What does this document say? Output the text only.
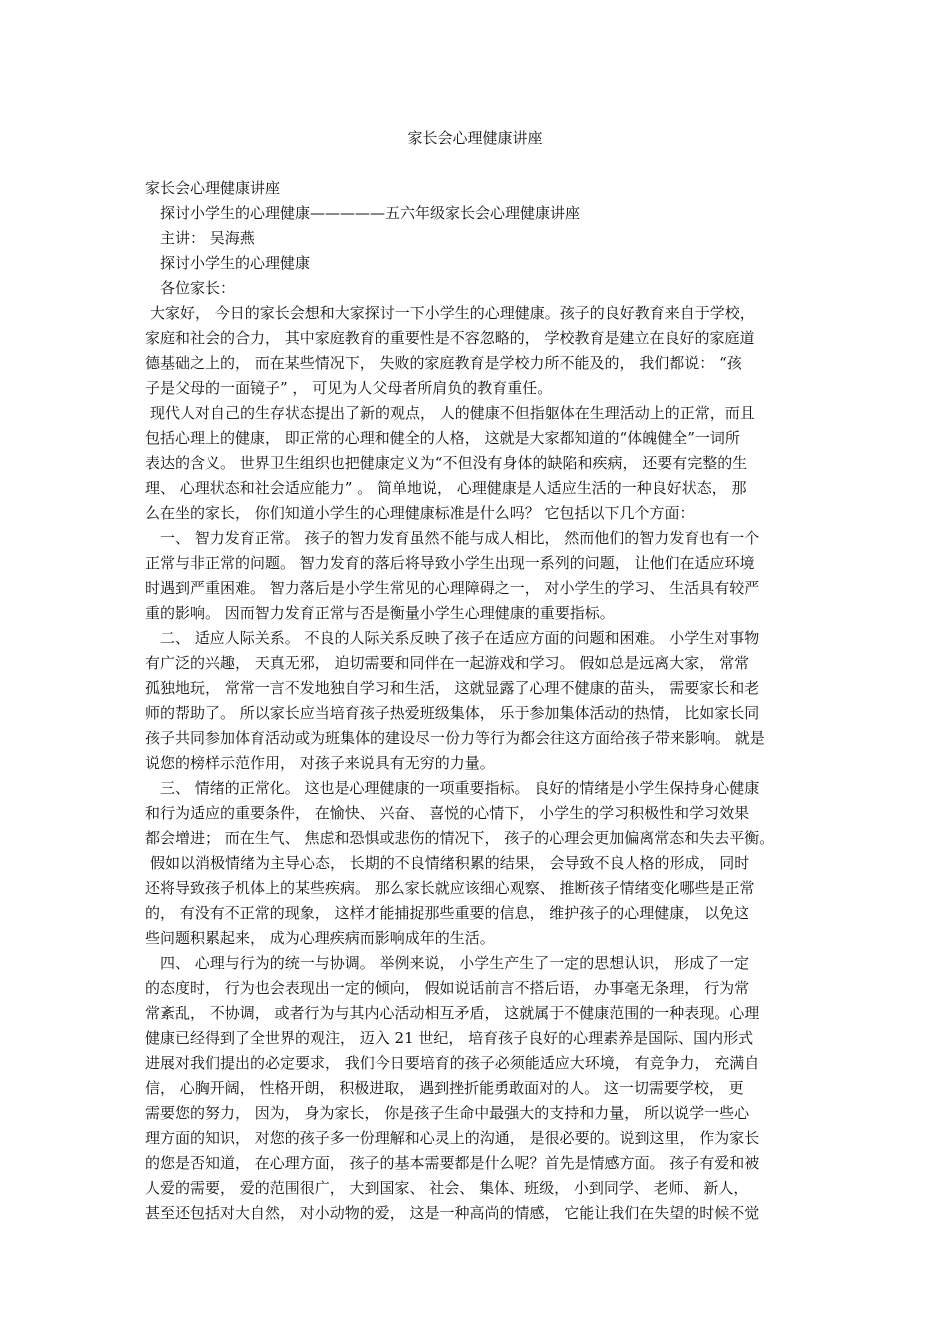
家长会心理健康讲座
家长会心理健康讲座
探讨小学生的心理健康—————五六年级家长会心理健康讲座
主讲： 吴海燕
探讨小学生的心理健康
各位家长：
大家好， 今日的家长会想和大家探讨一下小学生的心理健康。孩子的良好教育来自于学校，
家庭和社会的合力， 其中家庭教育的重要性是不容忽略的， 学校教育是建立在良好的家庭道
德基础之上的， 而在某些情况下， 失败的家庭教育是学校力所不能及的， 我们都说： “孩
子是父母的一面镜子” ， 可见为人父母者所肩负的教育重任。
现代人对自己的生存状态提出了新的观点， 人的健康不但指躯体在生理活动上的正常，而且
包括心理上的健康， 即正常的心理和健全的人格， 这就是大家都知道的“体魄健全”一词所
表达的含义。 世界卫生组织也把健康定义为“不但没有身体的缺陷和疾病， 还要有完整的生
理、 心理状态和社会适应能力” 。 简单地说， 心理健康是人适应生活的一种良好状态， 那
么在坐的家长， 你们知道小学生的心理健康标准是什么吗？ 它包括以下几个方面：
一、 智力发育正常。 孩子的智力发育虽然不能与成人相比， 然而他们的智力发育也有一个
正常与非正常的问题。 智力发育的落后将导致小学生出现一系列的问题， 让他们在适应环境
时遇到严重困难。 智力落后是小学生常见的心理障碍之一， 对小学生的学习、 生活具有较严
重的影响。 因而智力发育正常与否是衡量小学生心理健康的重要指标。
二、 适应人际关系。 不良的人际关系反映了孩子在适应方面的问题和困难。 小学生对事物
有广泛的兴趣， 天真无邪， 迫切需要和同伴在一起游戏和学习。 假如总是远离大家， 常常
孤独地玩， 常常一言不发地独自学习和生活， 这就显露了心理不健康的苗头， 需要家长和老
师的帮助了。 所以家长应当培育孩子热爱班级集体， 乐于参加集体活动的热情， 比如家长同
孩子共同参加体育活动或为班集体的建设尽一份力等行为都会往这方面给孩子带来影响。 就是
说您的榜样示范作用， 对孩子来说具有无穷的力量。
三、 情绪的正常化。 这也是心理健康的一项重要指标。 良好的情绪是小学生保持身心健康
和行为适应的重要条件， 在愉快、 兴奋、 喜悦的心情下， 小学生的学习积极性和学习效果
都会增进； 而在生气、 焦虑和恐惧或悲伤的情况下， 孩子的心理会更加偏离常态和失去平衡。
假如以消极情绪为主导心态， 长期的不良情绪积累的结果， 会导致不良人格的形成， 同时
还将导致孩子机体上的某些疾病。 那么家长就应该细心观察、 推断孩子情绪变化哪些是正常
的， 有没有不正常的现象， 这样才能捕捉那些重要的信息， 维护孩子的心理健康， 以免这
些问题积累起来， 成为心理疾病而影响成年的生活。
四、 心理与行为的统一与协调。 举例来说， 小学生产生了一定的思想认识， 形成了一定
的态度时， 行为也会表现出一定的倾向， 假如说话前言不搭后语， 办事毫无条理， 行为常
常紊乱， 不协调， 或者行为与其内心活动相互矛盾， 这就属于不健康范围的一种表现。心理
健康已经得到了全世界的观注， 迈入 21 世纪， 培育孩子良好的心理素养是国际、国内形式
进展对我们提出的必定要求， 我们今日要培育的孩子必须能适应大环境， 有竞争力， 充满自
信， 心胸开阔， 性格开朗， 积极进取， 遇到挫折能勇敢面对的人。 这一切需要学校， 更
需要您的努力， 因为， 身为家长， 你是孩子生命中最强大的支持和力量， 所以说学一些心
理方面的知识， 对您的孩子多一份理解和心灵上的沟通， 是很必要的。说到这里， 作为家长
的您是否知道， 在心理方面， 孩子的基本需要都是什么呢？首先是情感方面。 孩子有爱和被
人爱的需要， 爱的范围很广， 大到国家、 社会、 集体、班级， 小到同学、 老师、 新人，
甚至还包括对大自然， 对小动物的爱， 这是一种高尚的情感， 它能让我们在失望的时候不觉
